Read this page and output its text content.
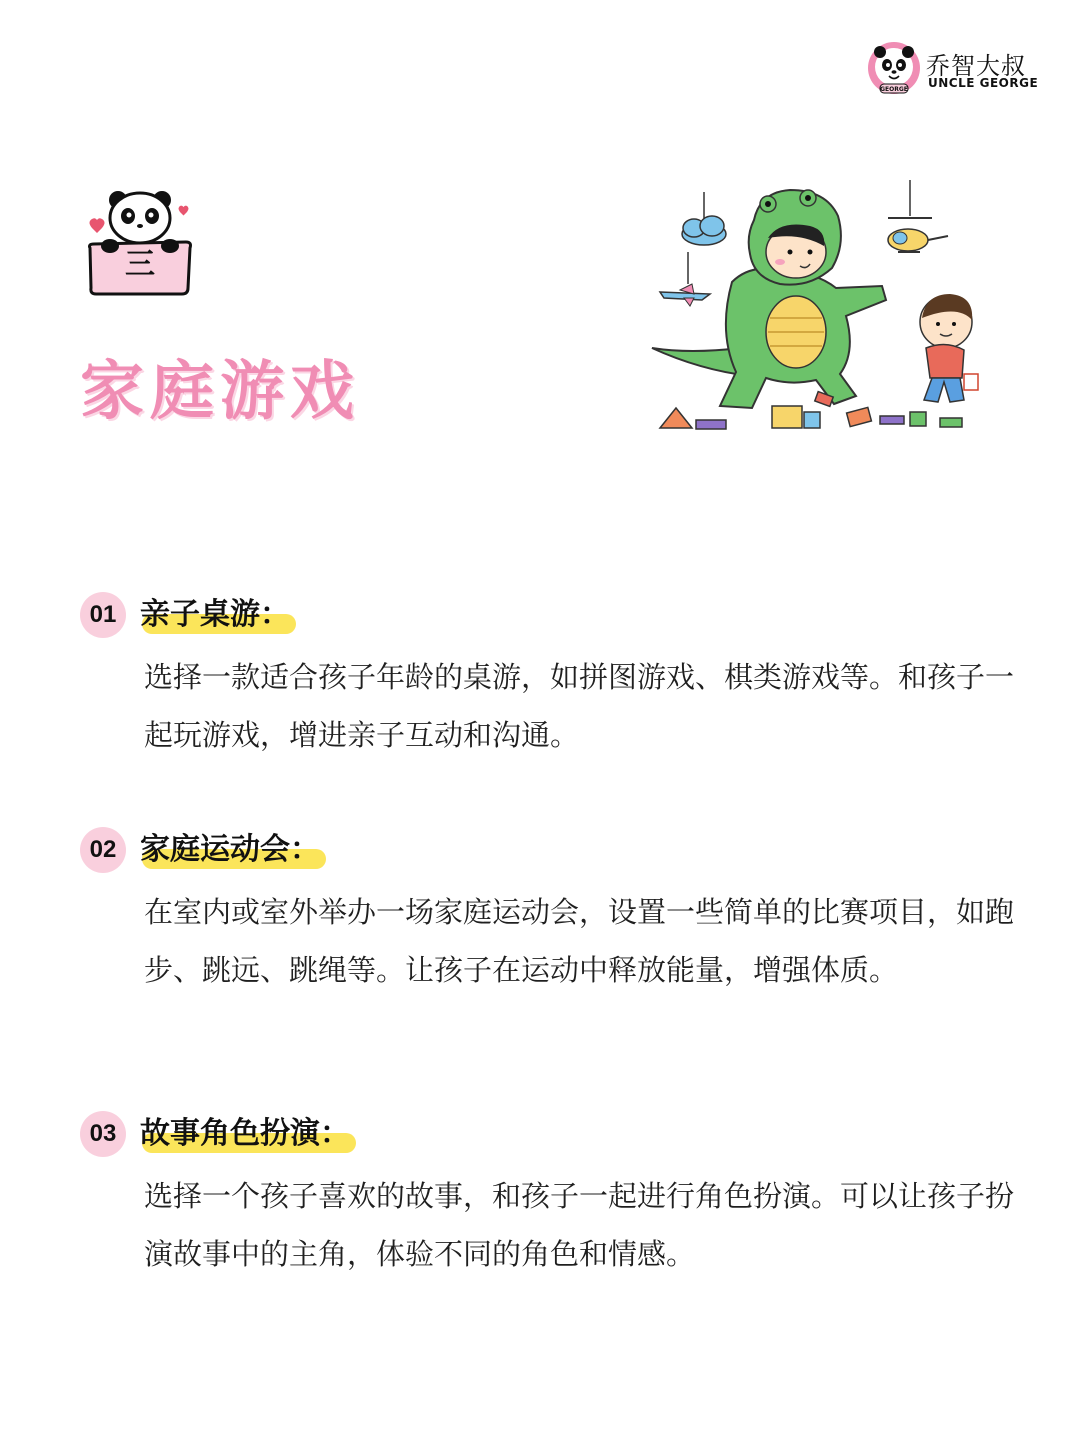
GEORGE
乔智大叔
UNCLE GEORGE
三
家庭游戏
01 亲子桌游：
选择一款适合孩子年龄的桌游，如拼图游戏、棋类游戏等。和孩子一起玩游戏，增进亲子互动和沟通。
02 家庭运动会：
在室内或室外举办一场家庭运动会，设置一些简单的比赛项目，如跑步、跳远、跳绳等。让孩子在运动中释放能量，增强体质。
03 故事角色扮演：
选择一个孩子喜欢的故事，和孩子一起进行角色扮演。可以让孩子扮演故事中的主角，体验不同的角色和情感。
